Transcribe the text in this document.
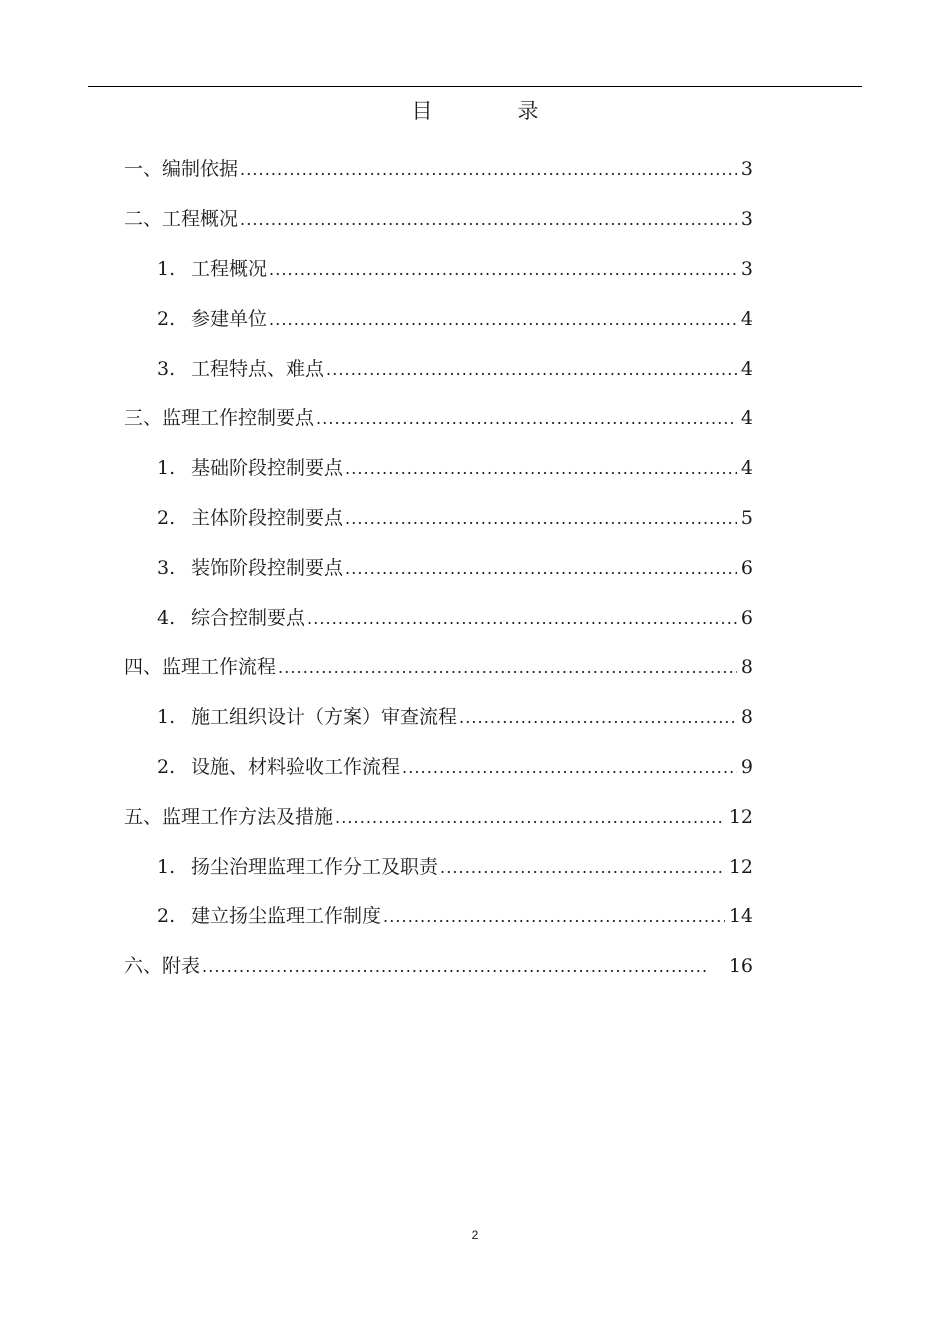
目　录
一、编制依据 . . .	3
二、工程概况 . . .	3
1. 工程概况 . . .	3
2. 参建单位 . . .	4
3. 工程特点、难点 . . .	4
三、监理工作控制要点 . . .	4
1. 基础阶段控制要点 . . .	4
2. 主体阶段控制要点 . . .	5
3. 装饰阶段控制要点 . . .	6
4. 综合控制要点 . . .	6
四、监理工作流程 . . .	8
1. 施工组织设计（方案）审查流程 . . .	8
2. 设施、材料验收工作流程 . . .	9
五、监理工作方法及措施 . . .	12
1. 扬尘治理监理工作分工及职责 . . .	12
2. 建立扬尘监理工作制度 . . .	14
六、附表 . . .	16
2
